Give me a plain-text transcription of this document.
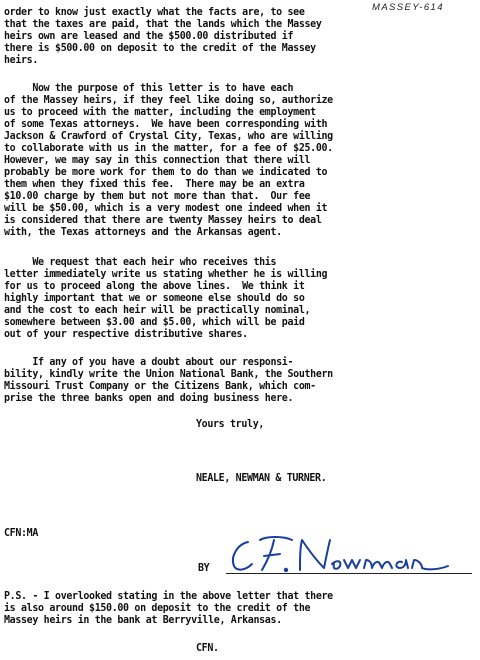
MASSEY-614
order to know just exactly what the facts are, to see
that the taxes are paid, that the lands which the Massey
heirs own are leased and the $500.00 distributed if
there is $500.00 on deposit to the credit of the Massey
heirs.
Now the purpose of this letter is to have each
of the Massey heirs, if they feel like doing so, authorize
us to proceed with the matter, including the employment
of some Texas attorneys.  We have been corresponding with
Jackson & Crawford of Crystal City, Texas, who are willing
to collaborate with us in the matter, for a fee of $25.00.
However, we may say in this connection that there will
probably be more work for them to do than we indicated to
them when they fixed this fee.  There may be an extra
$10.00 charge by them but not more than that.  Our fee
will be $50.00, which is a very modest one indeed when it
is considered that there are twenty Massey heirs to deal
with, the Texas attorneys and the Arkansas agent.
We request that each heir who receives this
letter immediately write us stating whether he is willing
for us to proceed along the above lines.  We think it
highly important that we or someone else should do so
and the cost to each heir will be practically nominal,
somewhere between $3.00 and $5.00, which will be paid
out of your respective distributive shares.
If any of you have a doubt about our responsi-
bility, kindly write the Union National Bank, the Southern
Missouri Trust Company or the Citizens Bank, which com-
prise the three banks open and doing business here.
Yours truly,
NEALE, NEWMAN & TURNER.
CFN:MA
BY
P.S. - I overlooked stating in the above letter that there
is also around $150.00 on deposit to the credit of the
Massey heirs in the bank at Berryville, Arkansas.
CFN.
